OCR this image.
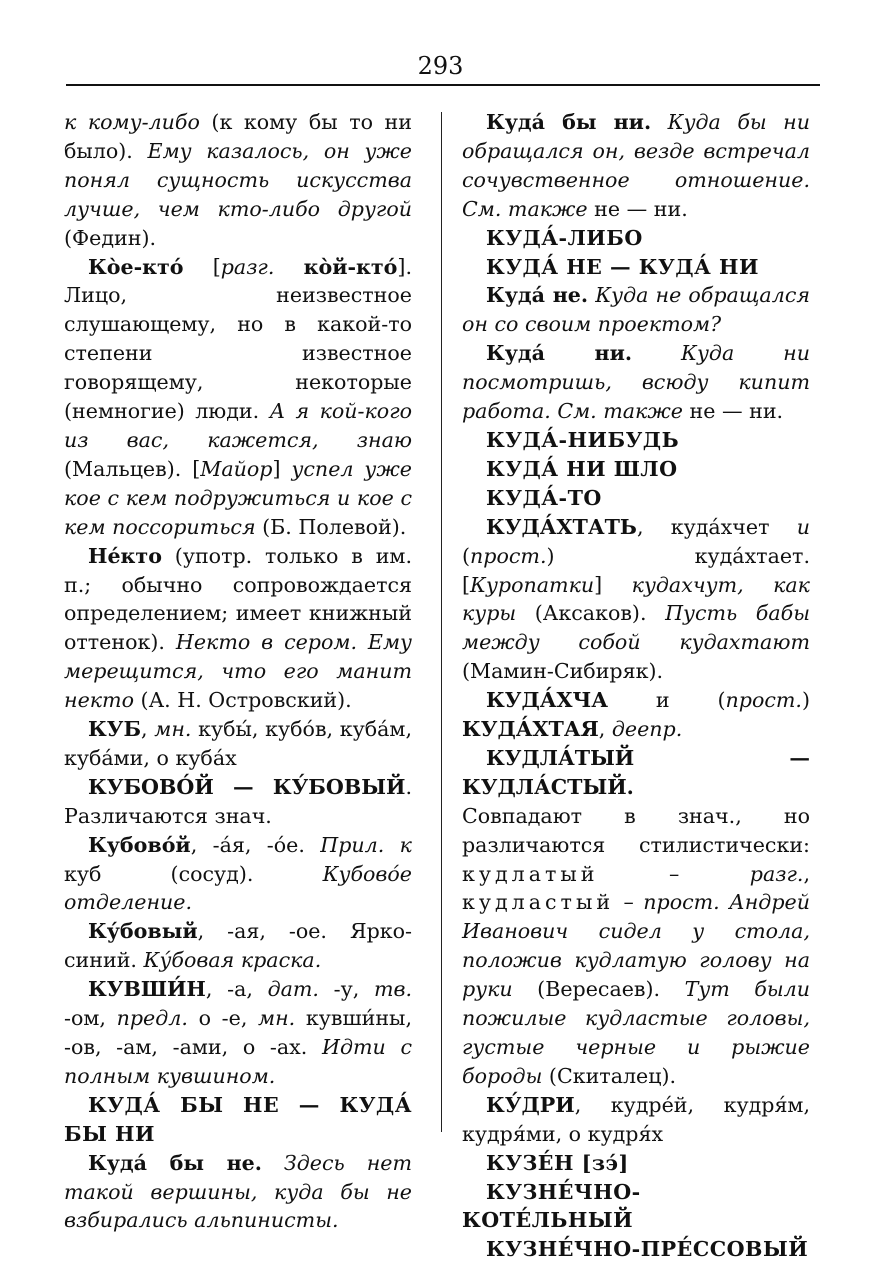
293

к кому-либо (к кому бы то ни было). Ему казалось, он уже понял сущность искусства лучше, чем кто-либо другой (Федин).

Ко̀е-кто́ [разг. ко̀й-кто́]. Лицо, неизвестное слушающему, но в какой-то степени известное говорящему, некоторые (немногие) люди. А я кой-кого из вас, кажется, знаю (Мальцев). [Майор] успел уже кое с кем подружиться и кое с кем поссориться (Б. Полевой).

Не́кто (употр. только в им. п.; обычно сопровождается определением; имеет книжный оттенок). Некто в сером. Ему мерещится, что его манит некто (А. Н. Островский).

КУБ, мн. кубы́, кубо́в, куба́м, куба́ми, о куба́х

КУБОВО́Й — КУ́БОВЫЙ. Различаются знач.

Кубово́й, -а́я, -о́е. Прил. к куб (сосуд). Кубово́е отделение.

Ку́бовый, -ая, -ое. Ярко-синий. Ку́бовая краска.

КУВШИ́Н, -а, дат. -у, тв. -ом, предл. о -е, мн. кувши́ны, -ов, -ам, -ами, о -ах. Идти с полным кувшином.

КУДА́ БЫ НЕ — КУДА́ БЫ НИ

Куда́ бы не. Здесь нет такой вершины, куда бы не взбирались альпинисты.

Куда́ бы ни. Куда бы ни обращался он, везде встречал сочувственное отношение. См. также не — ни.

КУДА́-ЛИБО

КУДА́ НЕ — КУДА́ НИ

Куда́ не. Куда не обращался он со своим проектом?

Куда́ ни. Куда ни посмотришь, всюду кипит работа. См. также не — ни.

КУДА́-НИБУДЬ

КУДА́ НИ ШЛО

КУДА́-ТО

КУДА́ХТАТЬ, куда́хчет и (прост.) куда́хтает. [Куропатки] кудахчут, как куры (Аксаков). Пусть бабы между собой кудахтают (Мамин-Сибиряк).

КУДА́ХЧА и (прост.) КУДА́ХТАЯ, деепр.

КУДЛА́ТЫЙ — КУДЛА́СТЫЙ.

Совпадают в знач., но различаются стилистически: кудлатый – разг., кудластый – прост. Андрей Иванович сидел у стола, положив кудлатую голову на руки (Вересаев). Тут были пожилые кудластые головы, густые черные и рыжие бороды (Скиталец).

КУ́ДРИ, кудре́й, кудря́м, кудря́ми, о кудря́х

КУЗЕ́Н [зэ́]

КУЗНЕ́ЧНО-КОТЕ́ЛЬНЫЙ

КУЗНЕ́ЧНО-ПРЕ́ССОВЫЙ
